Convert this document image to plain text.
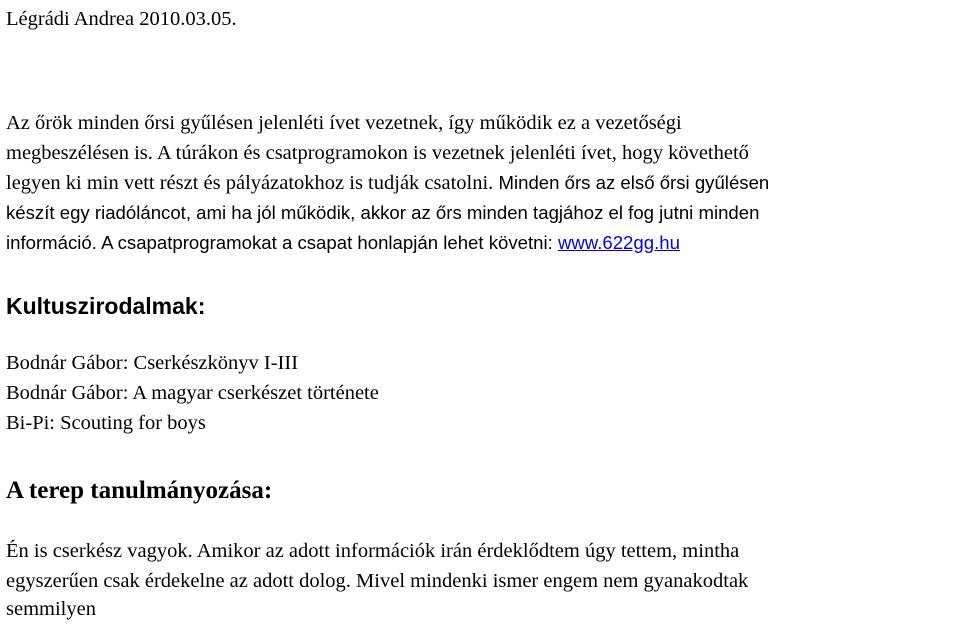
Légrádi Andrea 2010.03.05.
Az őrök minden őrsi gyűlésen jelenléti ívet vezetnek, így működik ez a vezetőségi
megbeszélésen is. A túrákon és csatprogramokon is vezetnek jelenléti ívet, hogy követhető
legyen ki min vett részt és pályázatokhoz is tudják csatolni. Minden őrs az első őrsi gyűlésen
készít egy riadóláncot, ami ha jól működik, akkor az őrs minden tagjához el fog jutni minden
információ. A csapatprogramokat a csapat honlapján lehet követni: www.622gg.hu
Kultuszirodalmak:
Bodnár Gábor: Cserkészkönyv I-III
Bodnár Gábor: A magyar cserkészet története
Bi-Pi: Scouting for boys
A terep tanulmányozása:
Én is cserkész vagyok. Amikor az adott információk irán érdeklődtem úgy tettem, mintha
egyszerűen csak érdekelne az adott dolog. Mivel mindenki ismer engem nem gyanakodtak
semmilyen
